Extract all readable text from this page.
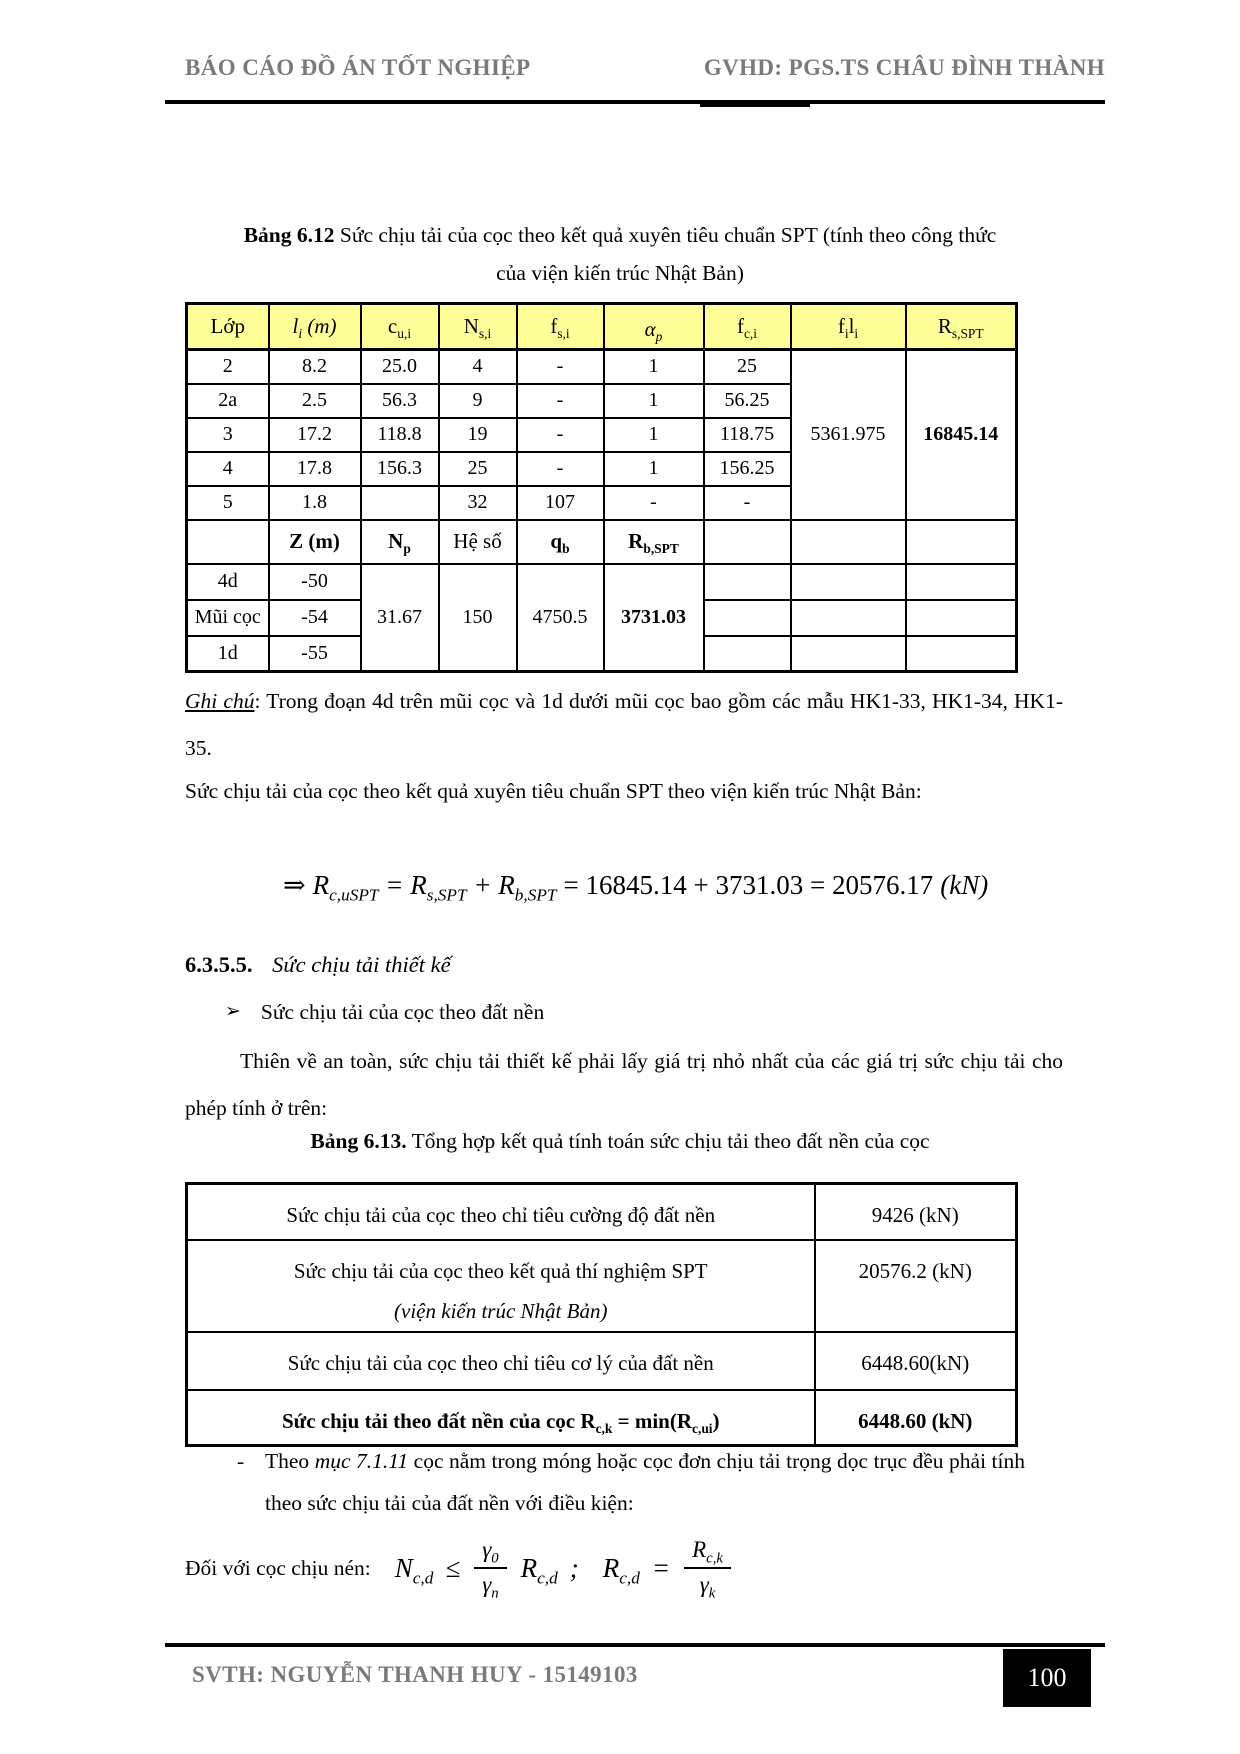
BÁO CÁO ĐỒ ÁN TỐT NGHIỆP	GVHD: PGS.TS CHÂU ĐÌNH THÀNH
Bảng 6.12 Sức chịu tải của cọc theo kết quả xuyên tiêu chuẩn SPT (tính theo công thức
của viện kiến trúc Nhật Bản)
Lớp	$l_i$ (m)	$c_{u,i}$	$N_{s,i}$	$f_{s,i}$	$\alpha_p$	$f_{c,i}$	$f_il_i$	$R_{s,SPT}$
2	8.2	25.0	4	-	1	25	5361.975	16845.14
2a	2.5	56.3	9	-	1	56.25		
3	17.2	118.8	19	-	1	118.75		
4	17.8	156.3	25	-	1	156.25		
5	1.8		32	107	-	-		
	Z (m)	$N_p$	Hệ số	$q_b$	$R_{b,SPT}$			
4d	-50	31.67	150	4750.5	3731.03			
Mũi cọc	-54							
1d	-55							

Ghi chú: Trong đoạn 4d trên mũi cọc và 1d dưới mũi cọc bao gồm các mẫu HK1-33, HK1-34, HK1-35.

Sức chịu tải của cọc theo kết quả xuyên tiêu chuẩn SPT theo viện kiến trúc Nhật Bản:

⇒ $R_{c,uSPT} = R_{s,SPT} + R_{b,SPT} = 16845.14 + 3731.03 = 20576.17$ (kN)
6.3.5.5. Sức chịu tải thiết kế
➢ Sức chịu tải của cọc theo đất nền

Thiên về an toàn, sức chịu tải thiết kế phải lấy giá trị nhỏ nhất của các giá trị sức chịu tải cho phép tính ở trên:

Bảng 6.13. Tổng hợp kết quả tính toán sức chịu tải theo đất nền của cọc
Sức chịu tải của cọc theo chỉ tiêu cường độ đất nền	9426 (kN)

Sức chịu tải của cọc theo kết quả thí nghiệm SPT
(viện kiến trúc Nhật Bản)	20576.2 (kN)
Sức chịu tải của cọc theo chỉ tiêu cơ lý của đất nền	6448.60(kN)
Sức chịu tải theo đất nền của cọc $R_{c,k} = \min(R_{c,ui})$	6448.60 (kN)

- Theo mục 7.1.11 cọc nằm trong móng hoặc cọc đơn chịu tải trọng dọc trục đều phải tính theo sức chịu tải của đất nền với điều kiện:

Đối với cọc chịu nén: $N_{c,d} \le \frac{\gamma_0}{\gamma_n} R_{c,d}$ ; $R_{c,d} = \frac{R_{c,k}}{\gamma_k}$
SVTH: NGUYỄN THANH HUY - 15149103	100
